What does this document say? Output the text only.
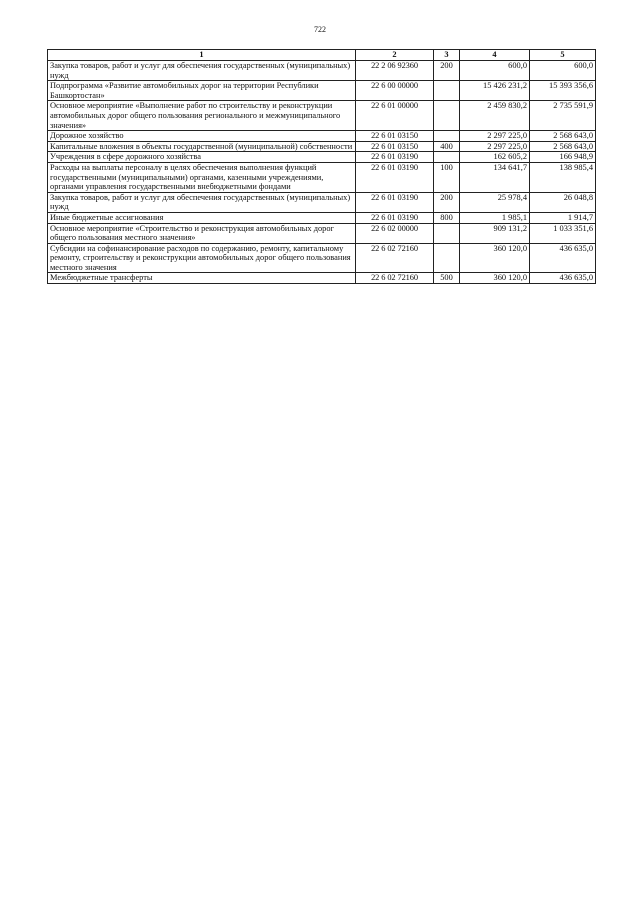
722
1	2	3	4	5
Закупка товаров, работ и услуг для обеспечения государственных (муниципальных) нужд	22 2 06 92360	200	600,0	600,0
Подпрограмма «Развитие автомобильных дорог на территории Республики Башкортостан»	22 6 00 00000		15 426 231,2	15 393 356,6
Основное мероприятие «Выполнение работ по строительству и реконструкции автомобильных дорог общего пользования регионального и межмуниципального значения»	22 6 01 00000		2 459 830,2	2 735 591,9
Дорожное хозяйство	22 6 01 03150		2 297 225,0	2 568 643,0
Капитальные вложения в объекты государственной (муниципальной) собственности	22 6 01 03150	400	2 297 225,0	2 568 643,0
Учреждения в сфере дорожного хозяйства	22 6 01 03190		162 605,2	166 948,9
Расходы на выплаты персоналу в целях обеспечения выполнения функций государственными (муниципальными) органами, казенными учреждениями, органами управления государственными внебюджетными фондами	22 6 01 03190	100	134 641,7	138 985,4
Закупка товаров, работ и услуг для обеспечения государственных (муниципальных) нужд	22 6 01 03190	200	25 978,4	26 048,8
Иные бюджетные ассигнования	22 6 01 03190	800	1 985,1	1 914,7
Основное мероприятие «Строительство и реконструкция автомобильных дорог общего пользования местного значения»	22 6 02 00000		909 131,2	1 033 351,6
Субсидии на софинансирование расходов по содержанию, ремонту, капитальному ремонту, строительству и реконструкции автомобильных дорог общего пользования местного значения	22 6 02 72160		360 120,0	436 635,0
Межбюджетные трансферты	22 6 02 72160	500	360 120,0	436 635,0
